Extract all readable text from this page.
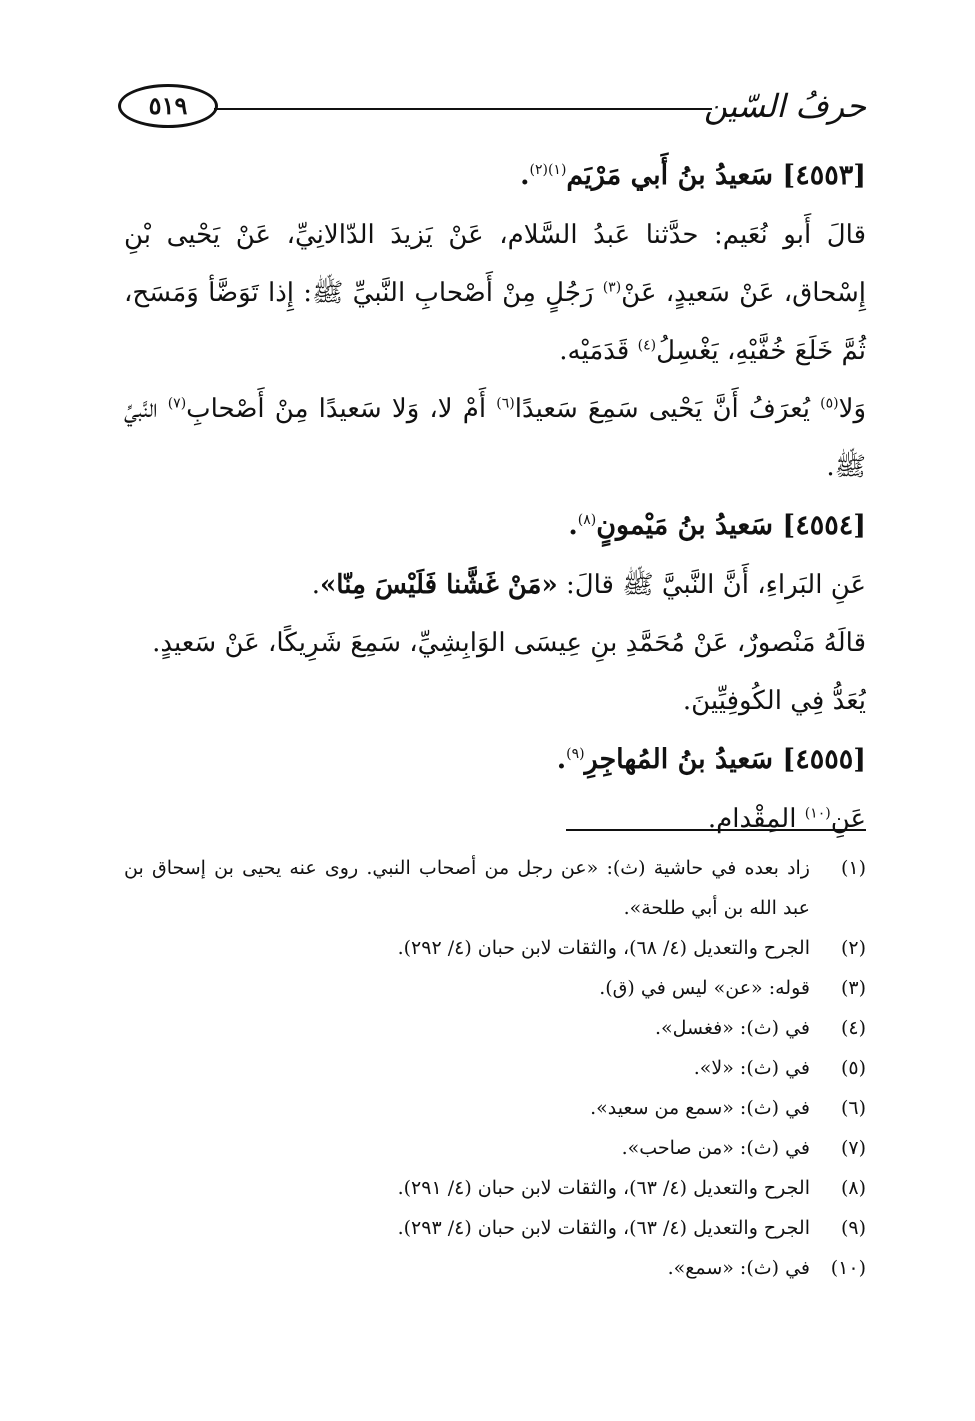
حرفُ السّين
٥١٩
[٤٥٥٣] سَعيدُ بنُ أَبي مَرْيَم$^{(١)(٢)}$.

قالَ أَبو نُعَيم: حدَّثنا عَبدُ السَّلام، عَنْ يَزيدَ الدّالانِيِّ، عَنْ يَحْيى بْنِ إِسْحاق، عَنْ سَعيدٍ، عَنْ$^{(٣)}$ رَجُلٍ مِنْ أَصْحابِ النَّبيِّ ﷺ: إِذا تَوَضَّأ وَمَسَح، ثُمَّ خَلَعَ خُفَّيْهِ، يَغْسِلُ$^{(٤)}$ قَدَمَيْه.

وَلا$^{(٥)}$ يُعرَفُ أَنَّ يَحْيى سَمِعَ سَعيدًا$^{(٦)}$ أَمْ لا، وَلا سَعيدًا مِنْ أَصْحابِ$^{(٧)}$ النَّبيِّ ﷺ.

[٤٥٥٤] سَعيدُ بنُ مَيْمونٍ$^{(٨)}$.
عَنِ البَراءِ، أَنَّ النَّبيَّ ﷺ قالَ: «مَنْ غَشَّنا فَلَيْسَ مِنّا».
قالَهُ مَنْصورٌ، عَنْ مُحَمَّدِ بنِ عِيسَى الوَابِشِيِّ، سَمِعَ شَرِيكًا، عَنْ سَعيدٍ.
يُعَدُّ فِي الكُوفِيِّينَ.
[٤٥٥٥] سَعيدُ بنُ المُهاجِرِ$^{(٩)}$.
عَنِ$^{(١٠)}$ المِقْدام.
(١)
زاد بعده في حاشية (ث): «عن رجل من أصحاب النبي. روى عنه يحيى بن إسحاق بن عبد الله بن أبي طلحة».
(٢)
الجرح والتعديل (٤/ ٦٨)، والثقات لابن حبان (٤/ ٢٩٢).
(٣)
قوله: «عن» ليس في (ق).
(٤)
في (ث): «فغسل».
(٥)
في (ث): «لا».
(٦)
في (ث): «سمع من سعيد».
(٧)
في (ث): «من صاحب».
(٨)
الجرح والتعديل (٤/ ٦٣)، والثقات لابن حبان (٤/ ٢٩١).
(٩)
الجرح والتعديل (٤/ ٦٣)، والثقات لابن حبان (٤/ ٢٩٣).
(١٠)
في (ث): «سمع».
